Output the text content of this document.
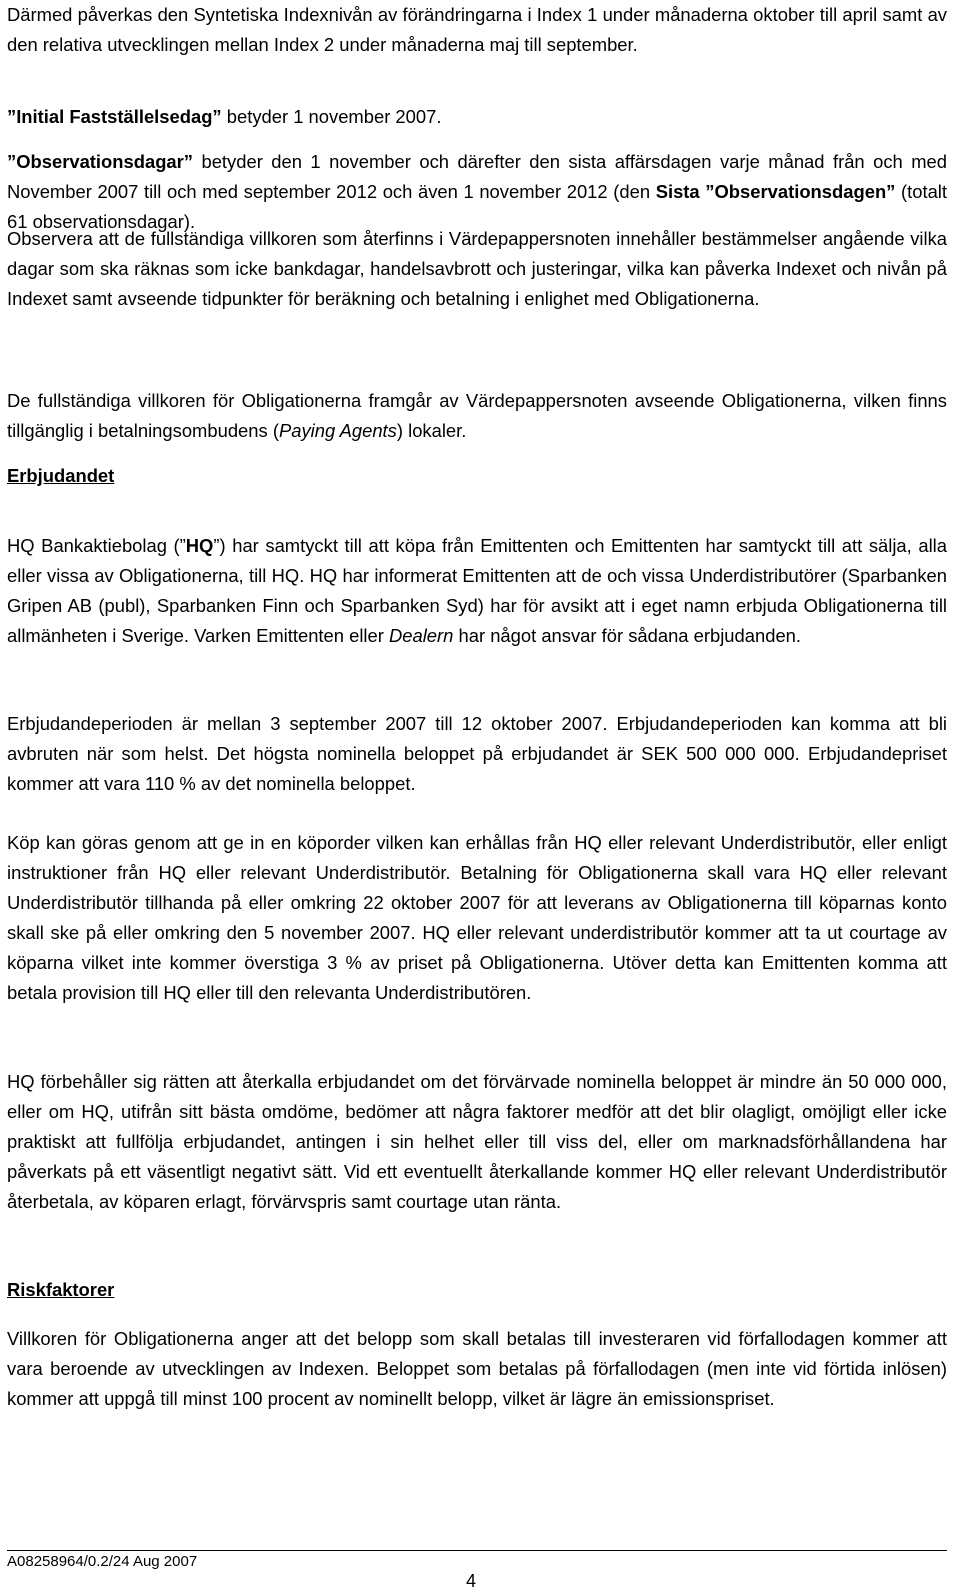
Därmed påverkas den Syntetiska Indexnivån av förändringarna i Index 1 under månaderna oktober till april samt av den relativa utvecklingen mellan Index 2 under månaderna maj till september.

”Initial Fastställelsedag” betyder 1 november 2007.

”Observationsdagar” betyder den 1 november och därefter den sista affärsdagen varje månad från och med November 2007 till och med september 2012 och även 1 november 2012 (den Sista ”Observationsdagen” (totalt 61 observationsdagar).

Observera att de fullständiga villkoren som återfinns i Värdepappersnoten innehåller bestämmelser angående vilka dagar som ska räknas som icke bankdagar, handelsavbrott och justeringar, vilka kan påverka Indexet och nivån på Indexet samt avseende tidpunkter för beräkning och betalning i enlighet med Obligationerna.

De fullständiga villkoren för Obligationerna framgår av Värdepappersnoten avseende Obligationerna, vilken finns tillgänglig i betalningsombudens (Paying Agents) lokaler.

Erbjudandet

HQ Bankaktiebolag (”HQ”) har samtyckt till att köpa från Emittenten och Emittenten har samtyckt till att sälja, alla eller vissa av Obligationerna, till HQ. HQ har informerat Emittenten att de och vissa Underdistributörer (Sparbanken Gripen AB (publ), Sparbanken Finn och Sparbanken Syd) har för avsikt att i eget namn erbjuda Obligationerna till allmänheten i Sverige. Varken Emittenten eller Dealern har något ansvar för sådana erbjudanden.

Erbjudandeperioden är mellan 3 september 2007 till 12 oktober 2007. Erbjudandeperioden kan komma att bli avbruten när som helst. Det högsta nominella beloppet på erbjudandet är SEK 500 000 000. Erbjudandepriset kommer att vara 110 % av det nominella beloppet.

Köp kan göras genom att ge in en köporder vilken kan erhållas från HQ eller relevant Underdistributör, eller enligt instruktioner från HQ eller relevant Underdistributör. Betalning för Obligationerna skall vara HQ eller relevant Underdistributör tillhanda på eller omkring 22 oktober 2007 för att leverans av Obligationerna till köparnas konto skall ske på eller omkring den 5 november 2007. HQ eller relevant underdistributör kommer att ta ut courtage av köparna vilket inte kommer överstiga 3 % av priset på Obligationerna. Utöver detta kan Emittenten komma att betala provision till HQ eller till den relevanta Underdistributören.

HQ förbehåller sig rätten att återkalla erbjudandet om det förvärvade nominella beloppet är mindre än 50 000 000, eller om HQ, utifrån sitt bästa omdöme, bedömer att några faktorer medför att det blir olagligt, omöjligt eller icke praktiskt att fullfölja erbjudandet, antingen i sin helhet eller till viss del, eller om marknadsförhållandena har påverkats på ett väsentligt negativt sätt. Vid ett eventuellt återkallande kommer HQ eller relevant Underdistributör återbetala, av köparen erlagt, förvärvspris samt courtage utan ränta.

Riskfaktorer

Villkoren för Obligationerna anger att det belopp som skall betalas till investeraren vid förfallodagen kommer att vara beroende av utvecklingen av Indexen. Beloppet som betalas på förfallodagen (men inte vid förtida inlösen) kommer att uppgå till minst 100 procent av nominellt belopp, vilket är lägre än emissionspriset.

A08258964/0.2/24 Aug 2007
4
